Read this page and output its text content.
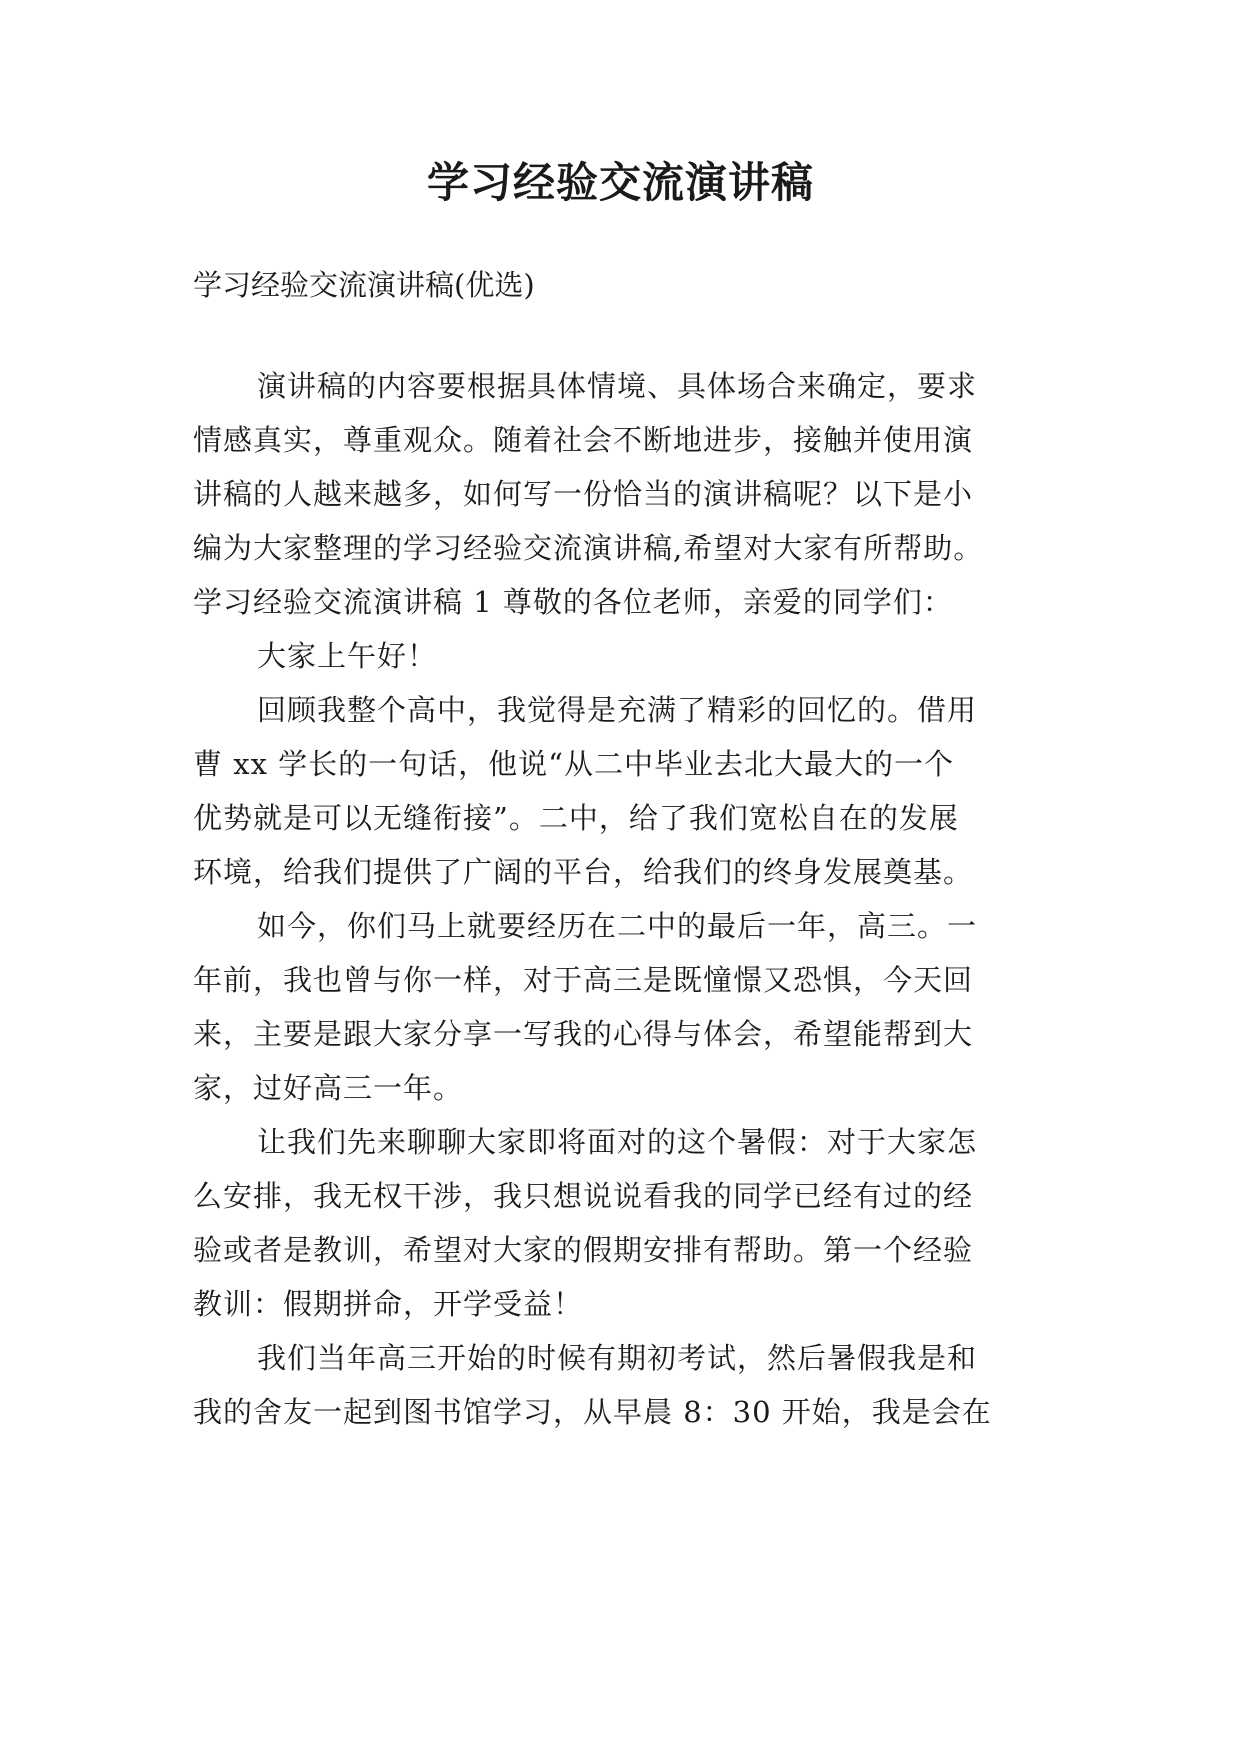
学习经验交流演讲稿

学习经验交流演讲稿(优选)

演讲稿的内容要根据具体情境、具体场合来确定，要求

情感真实，尊重观众。随着社会不断地进步，接触并使用演

讲稿的人越来越多，如何写一份恰当的演讲稿呢？以下是小

编为大家整理的学习经验交流演讲稿,希望对大家有所帮助。

学习经验交流演讲稿 1 尊敬的各位老师，亲爱的同学们：

大家上午好！

回顾我整个高中，我觉得是充满了精彩的回忆的。借用

曹 xx 学长的一句话，他说“从二中毕业去北大最大的一个

优势就是可以无缝衔接”。二中，给了我们宽松自在的发展

环境，给我们提供了广阔的平台，给我们的终身发展奠基。

如今，你们马上就要经历在二中的最后一年，高三。一

年前，我也曾与你一样，对于高三是既憧憬又恐惧，今天回

来，主要是跟大家分享一写我的心得与体会，希望能帮到大

家，过好高三一年。

让我们先来聊聊大家即将面对的这个暑假：对于大家怎

么安排，我无权干涉，我只想说说看我的同学已经有过的经

验或者是教训，希望对大家的假期安排有帮助。第一个经验

教训：假期拼命，开学受益！

我们当年高三开始的时候有期初考试，然后暑假我是和

我的舍友一起到图书馆学习，从早晨 8：30 开始，我是会在
